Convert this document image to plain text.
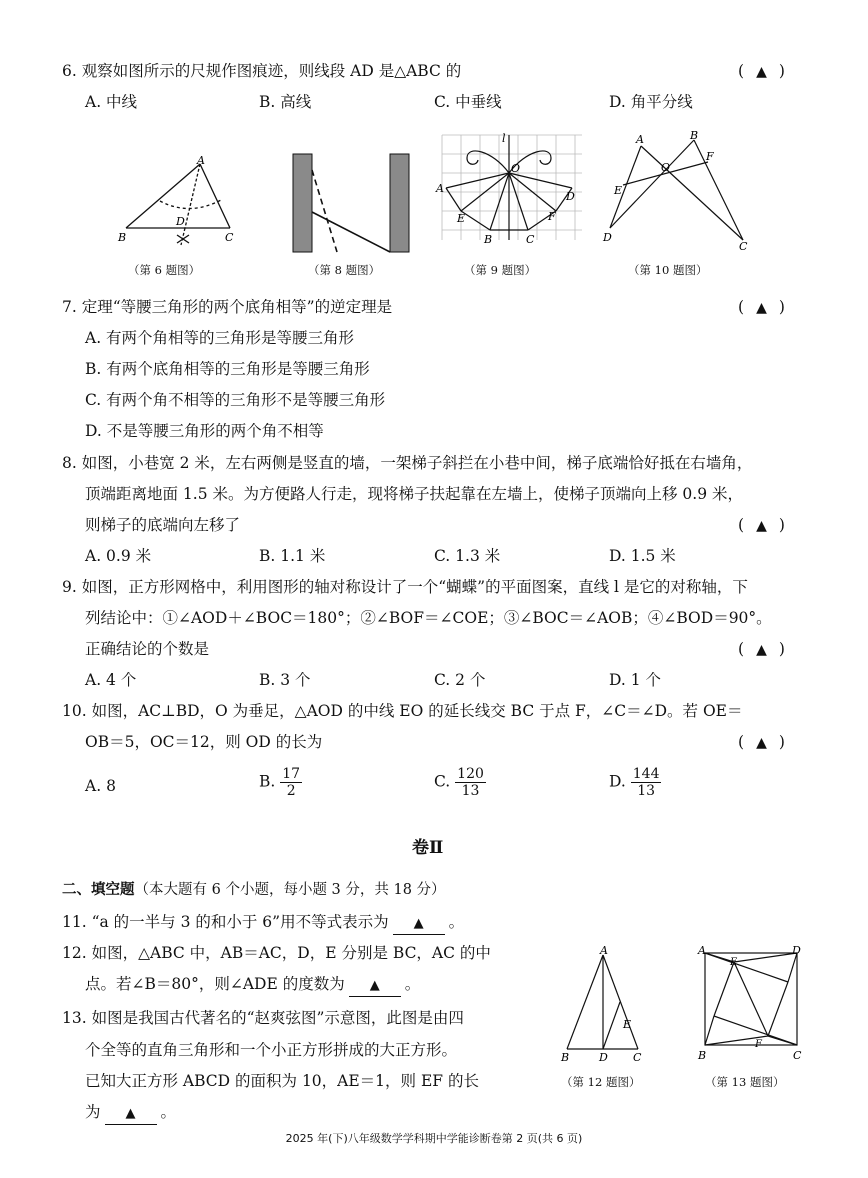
6. 观察如图所示的尺规作图痕迹，则线段 AD 是△ABC 的	( ▲ )
A. 中线	B. 高线	C. 中垂线	D. 角平分线
A
B	C
D
（第 6 题图）	（第 8 题图）
l
O
A
D
E	F
B	C
（第 9 题图）
A	B
O
F
E
D
C
（第 10 题图）
7. 定理“等腰三角形的两个底角相等”的逆定理是	( ▲ )
A. 有两个角相等的三角形是等腰三角形
B. 有两个底角相等的三角形是等腰三角形
C. 有两个角不相等的三角形不是等腰三角形
D. 不是等腰三角形的两个角不相等
8. 如图，小巷宽 2 米，左右两侧是竖直的墙，一架梯子斜拦在小巷中间，梯子底端恰好抵在右墙角，
顶端距离地面 1.5 米。为方便路人行走，现将梯子扶起靠在左墙上，使梯子顶端向上移 0.9 米，
则梯子的底端向左移了	( ▲ )
A. 0.9 米	B. 1.1 米	C. 1.3 米	D. 1.5 米
9. 如图，正方形网格中，利用图形的轴对称设计了一个“蝴蝶”的平面图案，直线 l 是它的对称轴，下
列结论中：①∠AOD＋∠BOC＝180°；②∠BOF＝∠COE；③∠BOC＝∠AOB；④∠BOD＝90°。
正确结论的个数是	( ▲ )
A. 4 个	B. 3 个	C. 2 个	D. 1 个
10. 如图，AC⊥BD，O 为垂足，△AOD 的中线 EO 的延长线交 BC 于点 F，∠C＝∠D。若 OE＝
OB＝5，OC＝12，则 OD 的长为	( ▲ )
A. 8	B. $\frac{17}{2}$	C. $\frac{120}{13}$	D. $\frac{144}{13}$
卷Ⅱ
二、填空题（本大题有 6 个小题，每小题 3 分，共 18 分）
11. “a 的一半与 3 的和小于 6”用不等式表示为 ▲ 。
12. 如图，△ABC 中，AB＝AC，D，E 分别是 BC，AC 的中
点。若∠B＝80°，则∠ADE 的度数为 ▲ 。
13. 如图是我国古代著名的“赵爽弦图”示意图，此图是由四
个全等的直角三角形和一个小正方形拼成的大正方形。
已知大正方形 ABCD 的面积为 10，AE＝1，则 EF 的长
为 ▲ 。
A
E
B	D C
（第 12 题图）
A	D
E
F
B	C
（第 13 题图）
2025 年(下)八年级数学学科期中学能诊断卷第 2 页(共 6 页)
